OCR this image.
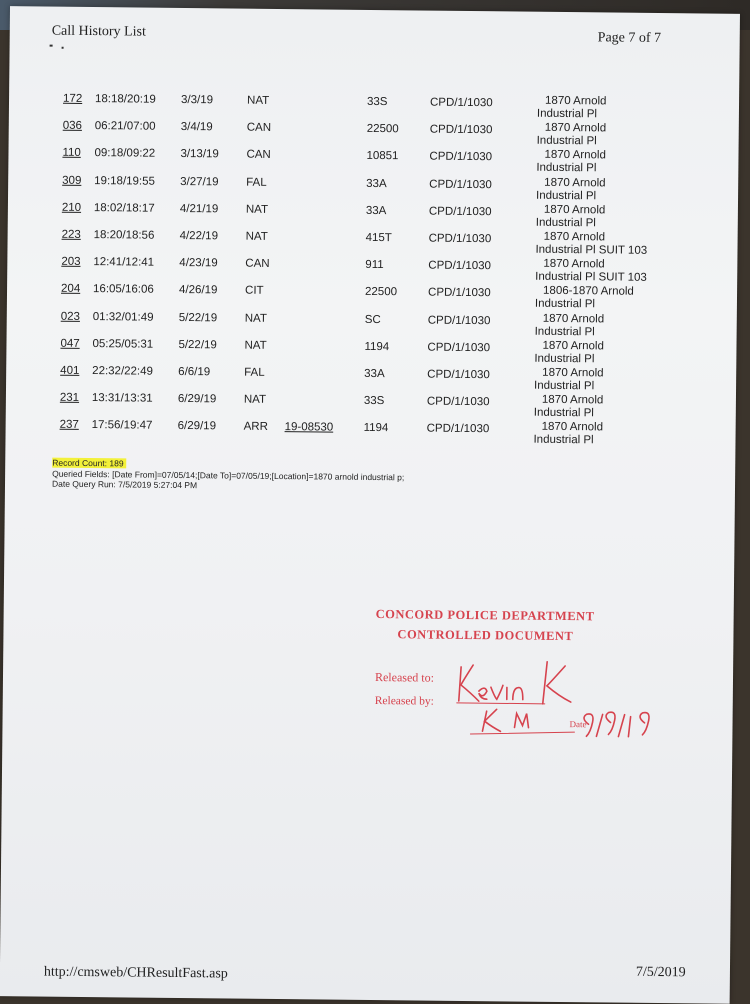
Call History List	Page 7 of 7
172 18:18/20:19 3/3/19	NAT	33S	CPD/1/1030	1870 Arnold
Industrial Pl
036 06:21/07:00 3/4/19	CAN	22500	CPD/1/1030	1870 Arnold
Industrial Pl
110 09:18/09:22 3/13/19 CAN	10851	CPD/1/1030	1870 Arnold
Industrial Pl
309 19:18/19:55 3/27/19 FAL	33A	CPD/1/1030	1870 Arnold
Industrial Pl
210 18:02/18:17 4/21/19 NAT	33A	CPD/1/1030	1870 Arnold
Industrial Pl
223 18:20/18:56 4/22/19 NAT	415T	CPD/1/1030	1870 Arnold
Industrial Pl SUIT 103
203 12:41/12:41 4/23/19 CAN	911	CPD/1/1030	1870 Arnold
Industrial Pl SUIT 103
204 16:05/16:06 4/26/19 CIT	22500	CPD/1/1030	1806-1870 Arnold
Industrial Pl
023 01:32/01:49 5/22/19 NAT	SC	CPD/1/1030	1870 Arnold
Industrial Pl
047 05:25/05:31 5/22/19 NAT	1194	CPD/1/1030	1870 Arnold
Industrial Pl
401 22:32/22:49 6/6/19	FAL	33A	CPD/1/1030	1870 Arnold
Industrial Pl
231 13:31/13:31 6/29/19 NAT	33S	CPD/1/1030	1870 Arnold
Industrial Pl
237 17:56/19:47 6/29/19 ARR 19-08530	1194	CPD/1/1030	1870 Arnold
Industrial Pl
Record Count: 189
Queried Fields: [Date From]=07/05/14;[Date To]=07/05/19;[Location]=1870 arnold industrial p;
Date Query Run: 7/5/2019 5:27:04 PM
CONCORD POLICE DEPARTMENT
CONTROLLED DOCUMENT
Released to:
Released by:
Date
http://cmsweb/CHResultFast.asp	7/5/2019
